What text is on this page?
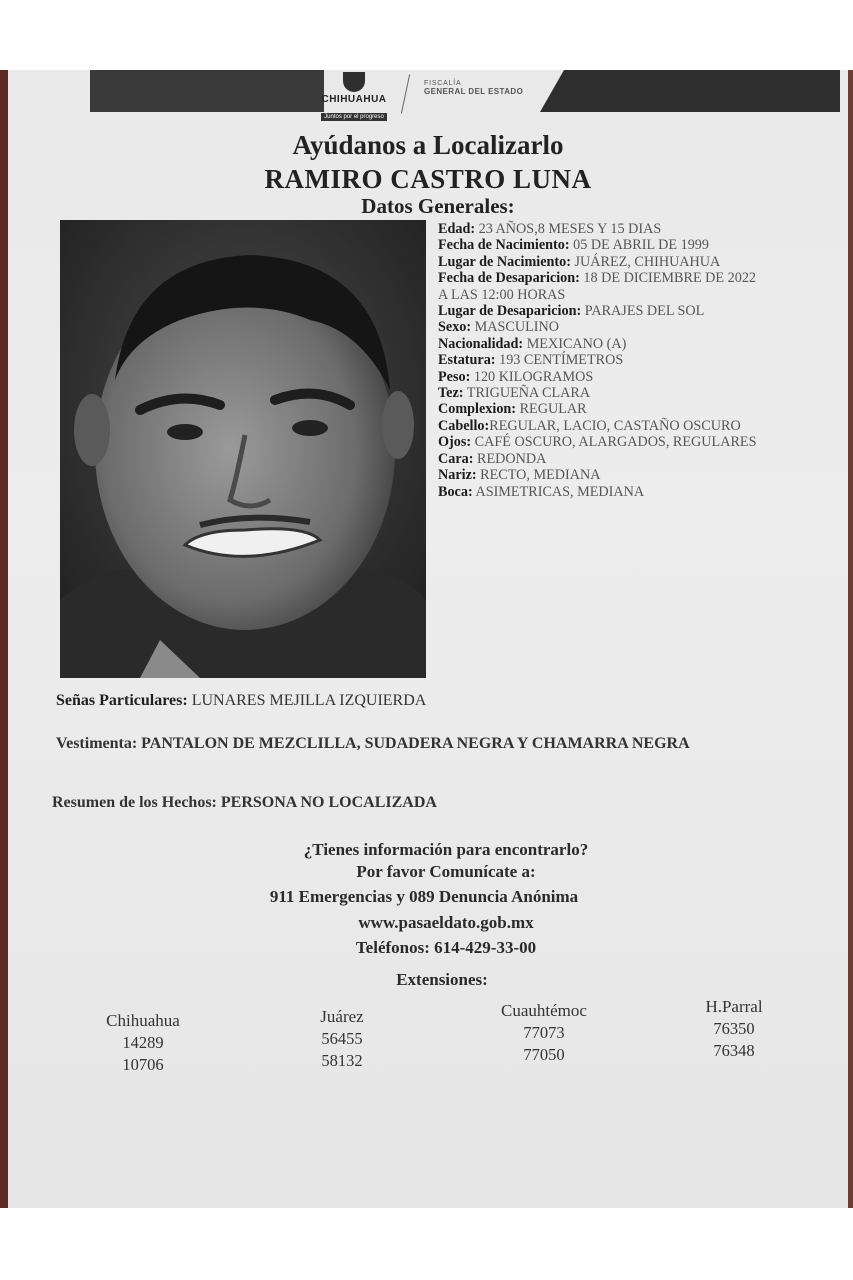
CHIHUAHUA
Juntos por el progreso
FISCALÍA
GENERAL DEL ESTADO
Ayúdanos a Localizarlo
RAMIRO CASTRO LUNA
Datos Generales:
Edad: 23 AÑOS,8 MESES Y 15 DIAS
Fecha de Nacimiento: 05 DE ABRIL DE 1999
Lugar de Nacimiento: JUÁREZ, CHIHUAHUA
Fecha de Desaparicion: 18 DE DICIEMBRE DE 2022 A LAS 12:00 HORAS
Lugar de Desaparicion: PARAJES DEL SOL
Sexo: MASCULINO
Nacionalidad: MEXICANO (A)
Estatura: 193 CENTÍMETROS
Peso: 120 KILOGRAMOS
Tez: TRIGUEÑA CLARA
Complexion: REGULAR
Cabello:REGULAR, LACIO, CASTAÑO OSCURO
Ojos: CAFÉ OSCURO, ALARGADOS, REGULARES
Cara: REDONDA
Nariz: RECTO, MEDIANA
Boca: ASIMETRICAS, MEDIANA
Señas Particulares: LUNARES MEJILLA IZQUIERDA
Vestimenta: PANTALON DE MEZCLILLA, SUDADERA NEGRA Y CHAMARRA NEGRA
Resumen de los Hechos: PERSONA NO LOCALIZADA
¿Tienes información para encontrarlo?
Por favor Comunícate a:
911 Emergencias y 089 Denuncia Anónima
www.pasaeldato.gob.mx
Teléfonos: 614-429-33-00
Extensiones:
Chihuahua
14289
10706
Juárez
56455
58132
Cuauhtémoc
77073
77050
H.Parral
76350
76348
